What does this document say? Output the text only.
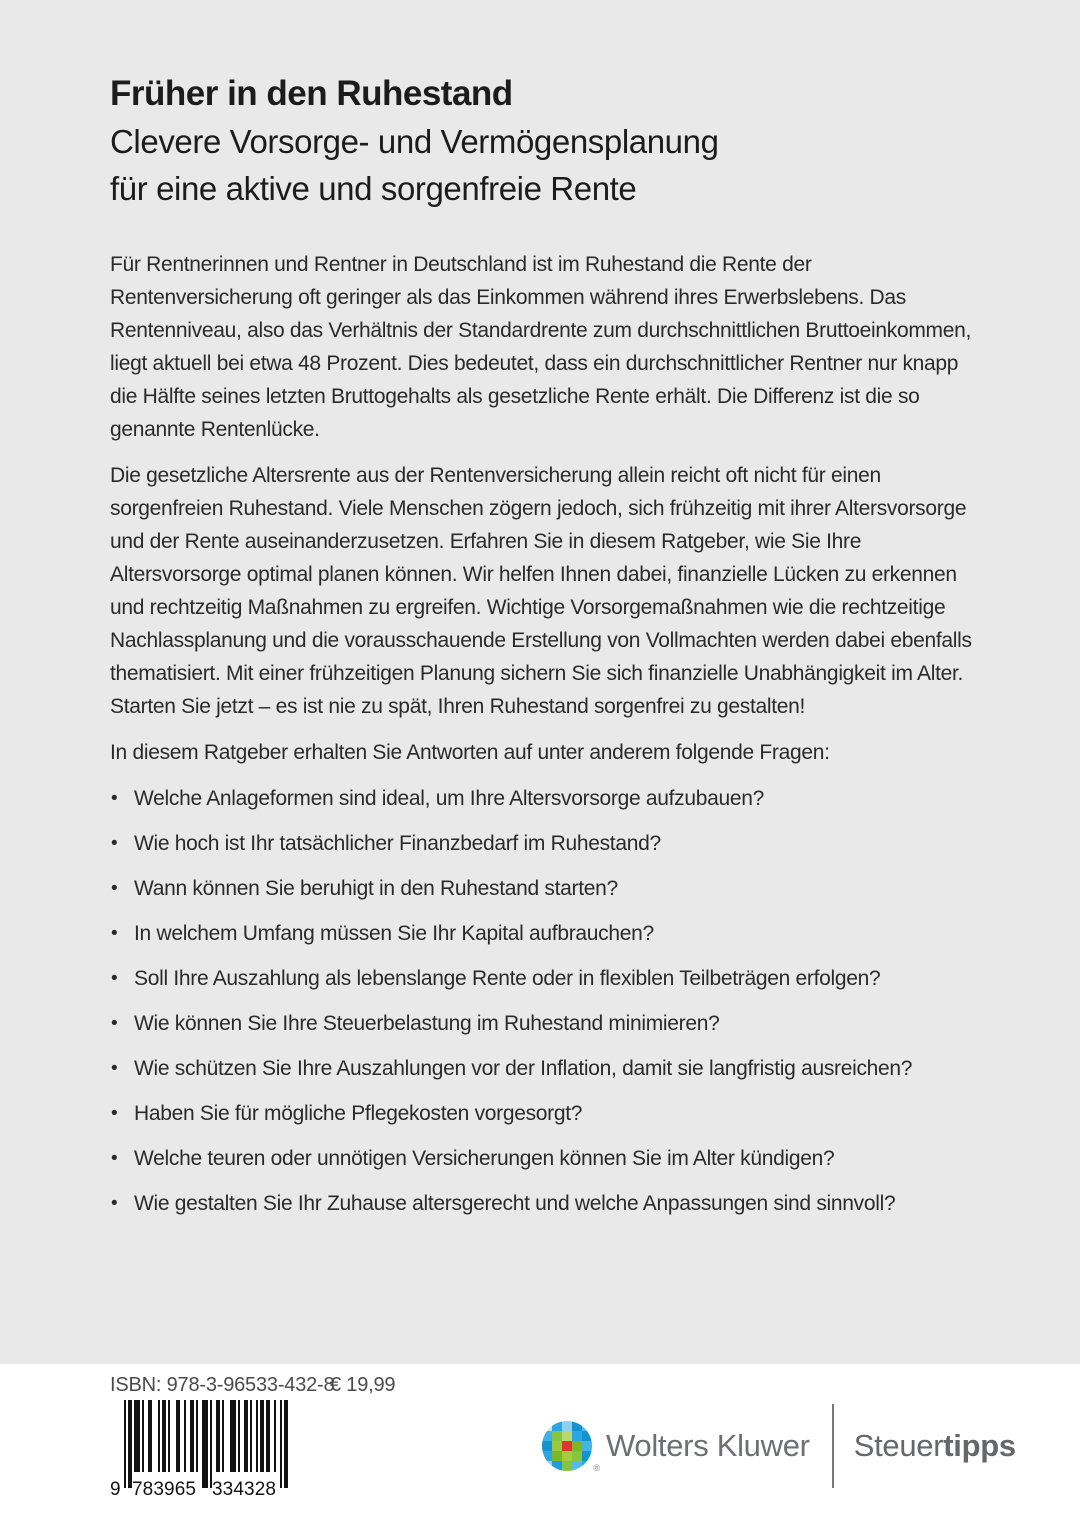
Früher in den Ruhestand
Clevere Vorsorge- und Vermögensplanung
für eine aktive und sorgenfreie Rente

Für Rentnerinnen und Rentner in Deutschland ist im Ruhestand die Rente der Rentenversicherung oft geringer als das Einkommen während ihres Erwerbslebens. Das Rentenniveau, also das Verhältnis der Standardrente zum durchschnittlichen Bruttoeinkommen, liegt aktuell bei etwa 48 Prozent. Dies bedeutet, dass ein durchschnittlicher Rentner nur knapp die Hälfte seines letzten Bruttogehalts als gesetzliche Rente erhält. Die Differenz ist die so genannte Rentenlücke.

Die gesetzliche Altersrente aus der Rentenversicherung allein reicht oft nicht für einen sorgenfreien Ruhestand. Viele Menschen zögern jedoch, sich frühzeitig mit ihrer Altersvorsorge und der Rente auseinanderzusetzen. Erfahren Sie in diesem Ratgeber, wie Sie Ihre Altersvorsorge optimal planen können. Wir helfen Ihnen dabei, finanzielle Lücken zu erkennen und rechtzeitig Maßnahmen zu ergreifen. Wichtige Vorsorgemaßnahmen wie die rechtzeitige Nachlassplanung und die vorausschauende Erstellung von Vollmachten werden dabei ebenfalls thematisiert. Mit einer frühzeitigen Planung sichern Sie sich finanzielle Unabhängigkeit im Alter. Starten Sie jetzt – es ist nie zu spät, Ihren Ruhestand sorgenfrei zu gestalten!

In diesem Ratgeber erhalten Sie Antworten auf unter anderem folgende Fragen:

• Welche Anlageformen sind ideal, um Ihre Altersvorsorge aufzubauen?
• Wie hoch ist Ihr tatsächlicher Finanzbedarf im Ruhestand?
• Wann können Sie beruhigt in den Ruhestand starten?
• In welchem Umfang müssen Sie Ihr Kapital aufbrauchen?
• Soll Ihre Auszahlung als lebenslange Rente oder in flexiblen Teilbeträgen erfolgen?
• Wie können Sie Ihre Steuerbelastung im Ruhestand minimieren?
• Wie schützen Sie Ihre Auszahlungen vor der Inflation, damit sie langfristig ausreichen?
• Haben Sie für mögliche Pflegekosten vorgesorgt?
• Welche teuren oder unnötigen Versicherungen können Sie im Alter kündigen?
• Wie gestalten Sie Ihr Zuhause altersgerecht und welche Anpassungen sind sinnvoll?
ISBN: 978-3-96533-432-8
€ 19,99
9 783965 334328
®
Wolters Kluwer Steuertipps
